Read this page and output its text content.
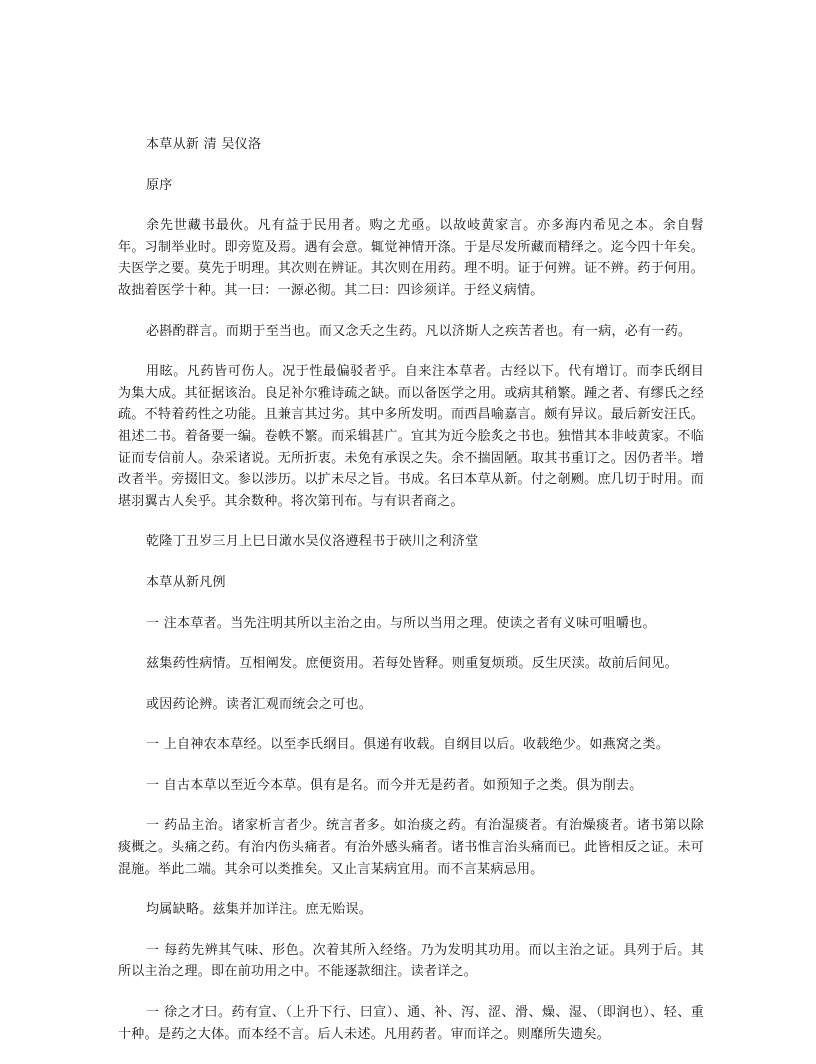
本草从新 清 吴仪洛

原序

余先世藏书最伙。凡有益于民用者。购之尤亟。以故岐黄家言。亦多海内希见之本。余自髫年。习制举业时。即旁览及焉。遇有会意。辄觉神情开涤。于是尽发所藏而精绎之。迄今四十年矣。夫医学之要。莫先于明理。其次则在辨证。其次则在用药。理不明。证于何辨。证不辨。药于何用。故拙着医学十种。其一曰：一源必彻。其二曰：四诊须详。于经义病情。

必斟酌群言。而期于至当也。而又念夭之生药。凡以济斯人之疾苦者也。有一病，必有一药。

用眩。凡药皆可伤人。况于性最偏驳者乎。自来注本草者。古经以下。代有增订。而李氏纲目为集大成。其征据该治。良足补尔雅诗疏之缺。而以备医学之用。或病其稍繁。踵之者、有缪氏之经疏。不特着药性之功能。且兼言其过劣。其中多所发明。而西昌喻嘉言。颇有异议。最后新安汪氏。祖述二书。着备要一编。卷帙不繁。而采辑甚广。宜其为近今脍炙之书也。独惜其本非岐黄家。不临证而专信前人。杂采诸说。无所折衷。未免有承误之失。余不揣固陋。取其书重订之。因仍者半。增改者半。旁掇旧文。参以涉历。以扩未尽之旨。书成。名曰本草从新。付之剞劂。庶几切于时用。而堪羽翼古人矣乎。其余数种。将次第刊布。与有识者商之。

乾隆丁丑岁三月上巳日澉水吴仪洛遵程书于硖川之利济堂

本草从新凡例

一 注本草者。当先注明其所以主治之由。与所以当用之理。使读之者有义味可咀嚼也。

兹集药性病情。互相阐发。庶便资用。若每处皆释。则重复烦琐。反生厌渎。故前后间见。

或因药论辨。读者汇观而统会之可也。

一 上自神农本草经。以至李氏纲目。俱递有收载。自纲目以后。收载绝少。如燕窝之类。

一 自古本草以至近今本草。俱有是名。而今并无是药者。如预知子之类。俱为削去。

一 药品主治。诸家析言者少。统言者多。如治痰之药。有治湿痰者。有治燥痰者。诸书第以除痰概之。头痛之药。有治内伤头痛者。有治外感头痛者。诸书惟言治头痛而已。此皆相反之证。未可混施。举此二端。其余可以类推矣。又止言某病宜用。而不言某病忌用。

均属缺略。兹集并加详注。庶无贻误。

一 每药先辨其气味、形色。次着其所入经络。乃为发明其功用。而以主治之证。具列于后。其所以主治之理。即在前功用之中。不能逐款细注。读者详之。

一 徐之才曰。药有宣、（上升下行、曰宣）、通、补、泻、涩、滑、燥、湿、（即润也）、轻、重十种。是药之大体。而本经不言。后人未述。凡用药者。审而详之。则靡所失遗矣。
